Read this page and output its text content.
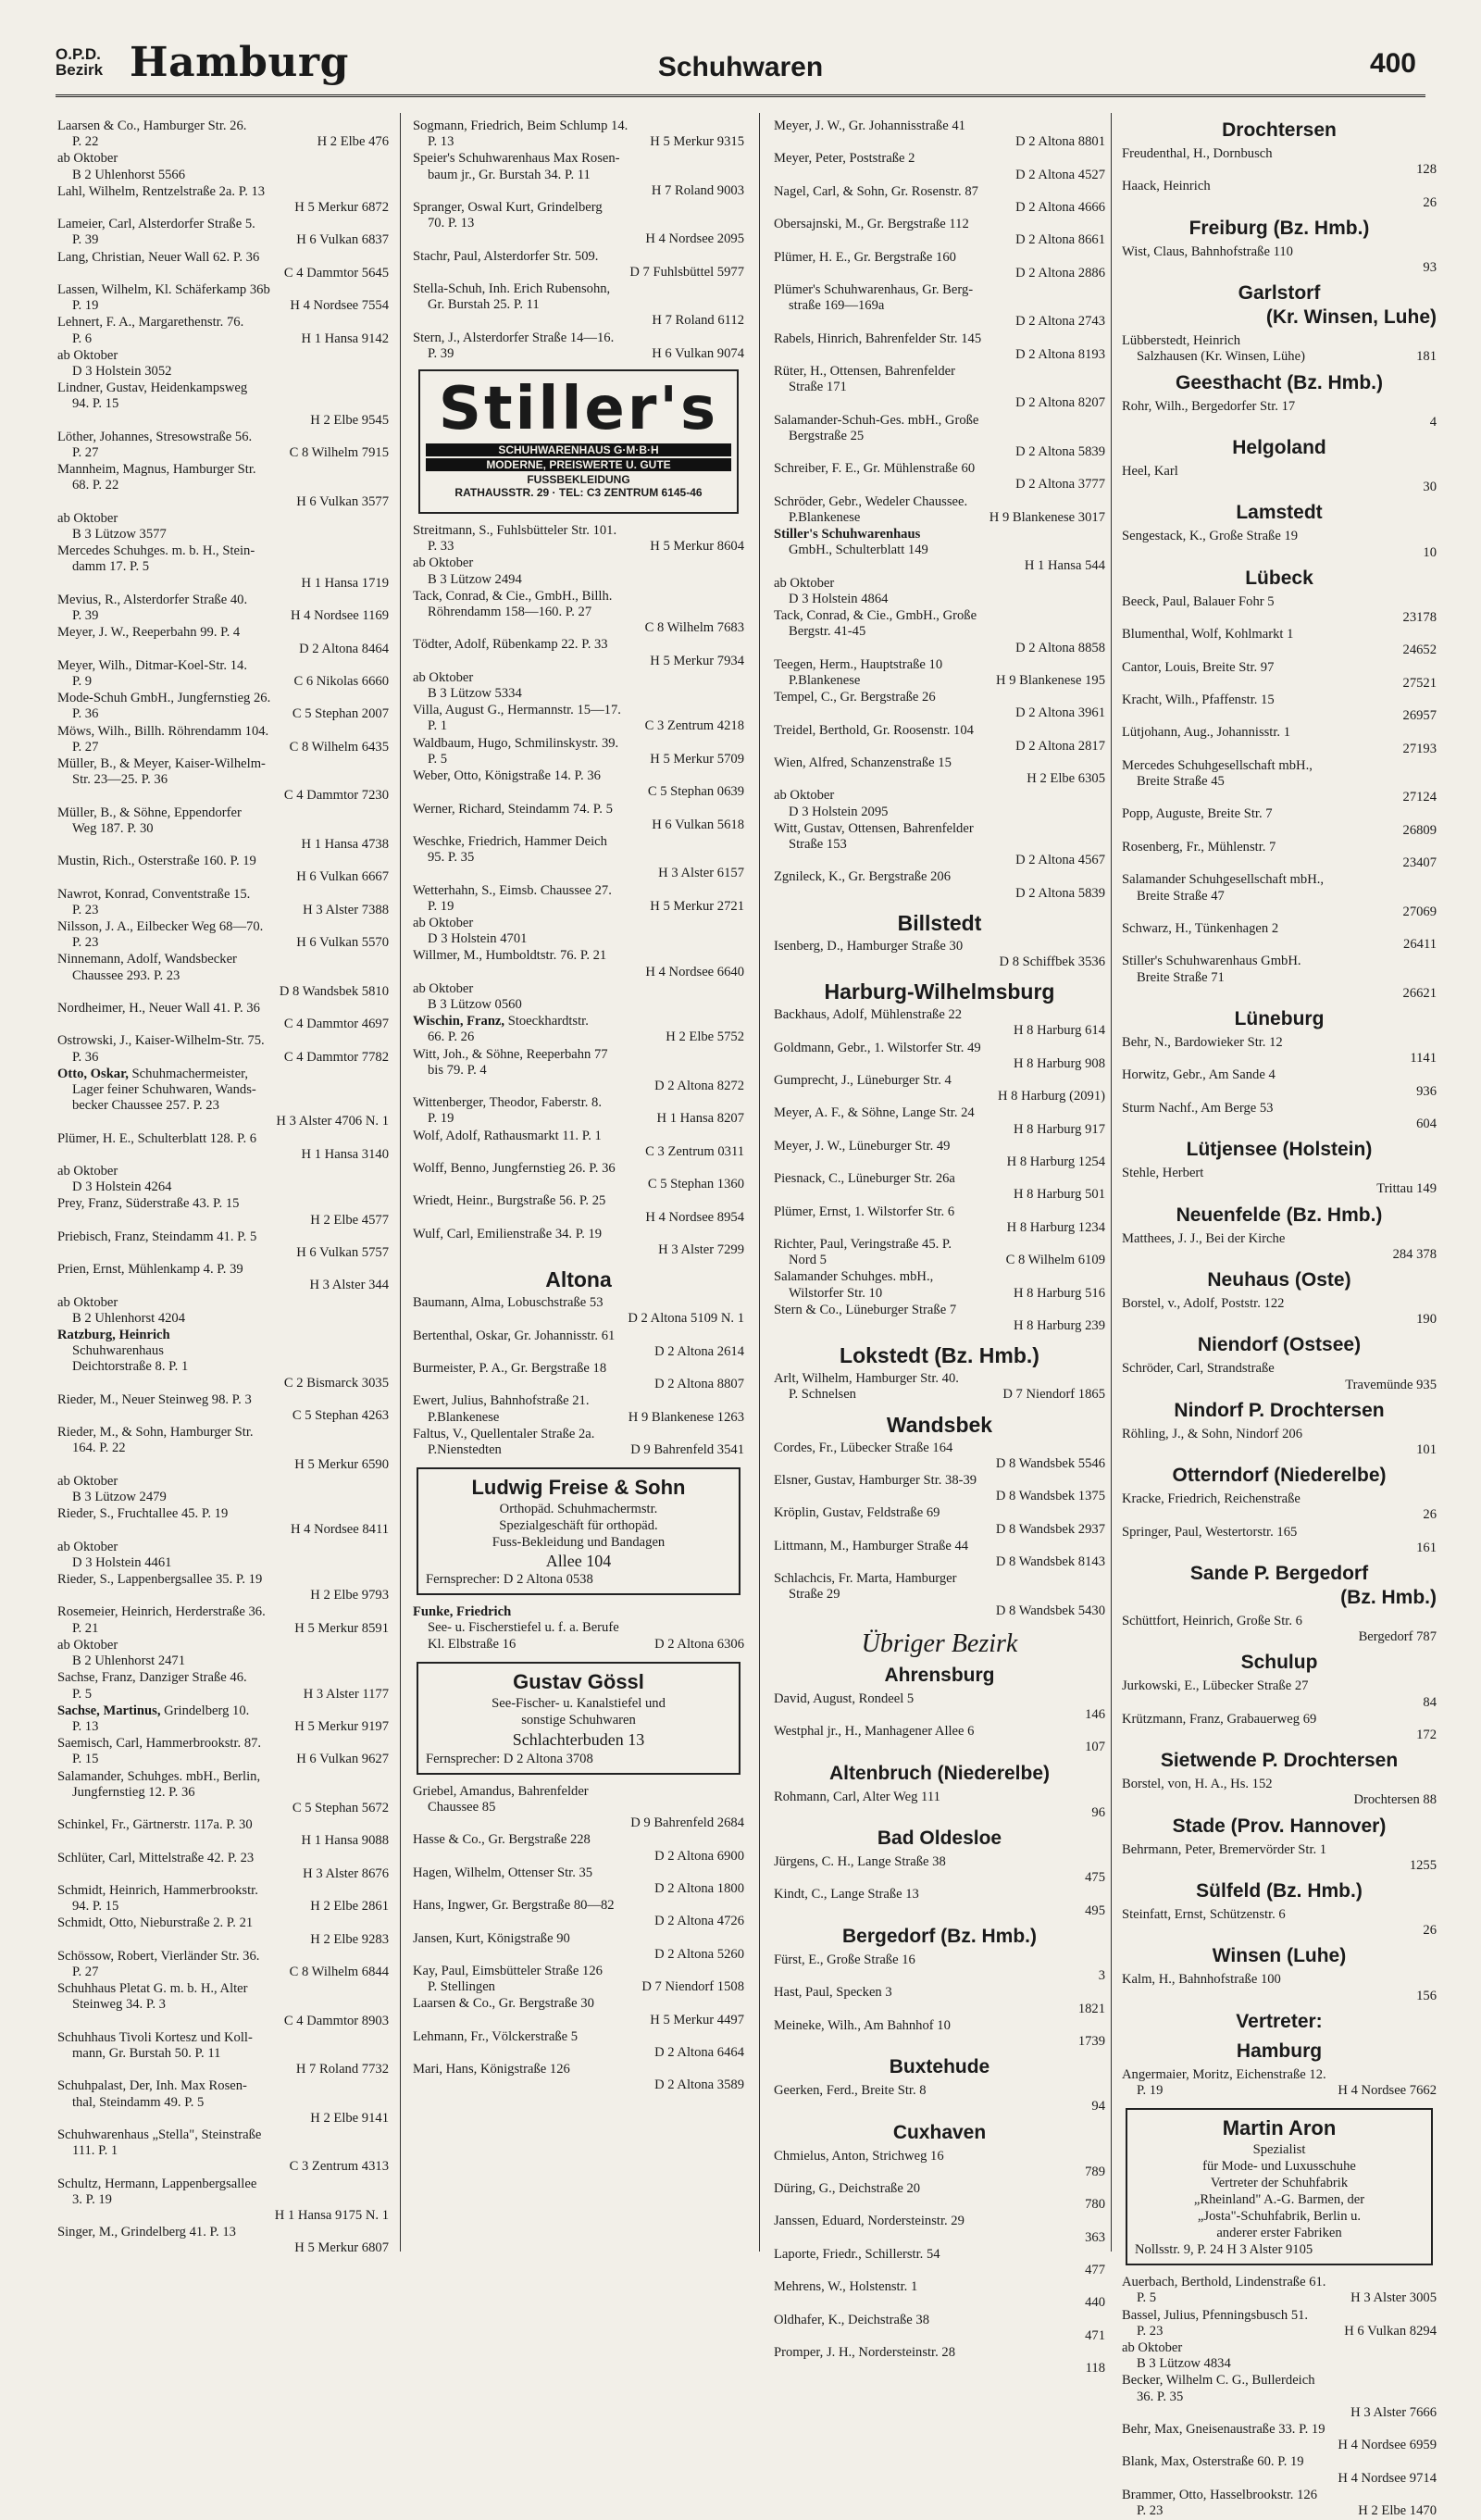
O.P.D.
Bezirk Hamburg	Schuhwaren	400
Laarsen & Co., Hamburger Str. 26.
P. 22	H 2 Elbe 476
ab Oktober
B 2 Uhlenhorst 5566
Lahl, Wilhelm, Rentzelstraße 2a. P. 13
H 5 Merkur 6872
Lameier, Carl, Alsterdorfer Straße 5.
P. 39	H 6 Vulkan 6837
Lang, Christian, Neuer Wall 62. P. 36
C 4 Dammtor 5645
Lassen, Wilhelm, Kl. Schäferkamp 36b
P. 19	H 4 Nordsee 7554
Lehnert, F. A., Margarethenstr. 76.
P. 6	H 1 Hansa 9142
ab Oktober
D 3 Holstein 3052
Lindner, Gustav, Heidenkampsweg
94. P. 15
H 2 Elbe 9545
Löther, Johannes, Stresowstraße 56.
P. 27	C 8 Wilhelm 7915
Mannheim, Magnus, Hamburger Str.
68. P. 22
H 6 Vulkan 3577
ab Oktober
B 3 Lützow 3577
Mercedes Schuhges. m. b. H., Stein-
damm 17. P. 5
H 1 Hansa 1719
Mevius, R., Alsterdorfer Straße 40.
P. 39	H 4 Nordsee 1169
Meyer, J. W., Reeperbahn 99. P. 4
D 2 Altona 8464
Meyer, Wilh., Ditmar-Koel-Str. 14.
P. 9	C 6 Nikolas 6660
Mode-Schuh GmbH., Jungfernstieg 26.
P. 36	C 5 Stephan 2007
Möws, Wilh., Billh. Röhrendamm 104.
P. 27	C 8 Wilhelm 6435
Müller, B., & Meyer, Kaiser-Wilhelm-
Str. 23—25. P. 36
C 4 Dammtor 7230
Müller, B., & Söhne, Eppendorfer
Weg 187. P. 30
H 1 Hansa 4738
Mustin, Rich., Osterstraße 160. P. 19
H 6 Vulkan 6667
Nawrot, Konrad, Conventstraße 15.
P. 23	H 3 Alster 7388
Nilsson, J. A., Eilbecker Weg 68—70.
P. 23	H 6 Vulkan 5570
Ninnemann, Adolf, Wandsbecker
Chaussee 293. P. 23
D 8 Wandsbek 5810
Nordheimer, H., Neuer Wall 41. P. 36
C 4 Dammtor 4697
Ostrowski, J., Kaiser-Wilhelm-Str. 75.
P. 36	C 4 Dammtor 7782
Otto, Oskar, Schuhmachermeister,
Lager feiner Schuhwaren, Wands-
becker Chaussee 257. P. 23
H 3 Alster 4706 N. 1
Plümer, H. E., Schulterblatt 128. P. 6
H 1 Hansa 3140
ab Oktober
D 3 Holstein 4264
Prey, Franz, Süderstraße 43. P. 15
H 2 Elbe 4577
Priebisch, Franz, Steindamm 41. P. 5
H 6 Vulkan 5757
Prien, Ernst, Mühlenkamp 4. P. 39
H 3 Alster 344
ab Oktober
B 2 Uhlenhorst 4204
Ratzburg, Heinrich
Schuhwarenhaus
Deichtorstraße 8. P. 1
C 2 Bismarck 3035
Rieder, M., Neuer Steinweg 98. P. 3
C 5 Stephan 4263
Rieder, M., & Sohn, Hamburger Str.
164. P. 22
H 5 Merkur 6590
ab Oktober
B 3 Lützow 2479
Rieder, S., Fruchtallee 45. P. 19
H 4 Nordsee 8411
ab Oktober
D 3 Holstein 4461
Rieder, S., Lappenbergsallee 35. P. 19
H 2 Elbe 9793
Rosemeier, Heinrich, Herderstraße 36.
P. 21	H 5 Merkur 8591
ab Oktober
B 2 Uhlenhorst 2471
Sachse, Franz, Danziger Straße 46.
P. 5	H 3 Alster 1177
Sachse, Martinus, Grindelberg 10.
P. 13	H 5 Merkur 9197
Saemisch, Carl, Hammerbrookstr. 87.
P. 15	H 6 Vulkan 9627
Salamander, Schuhges. mbH., Berlin,
Jungfernstieg 12. P. 36
C 5 Stephan 5672
Schinkel, Fr., Gärtnerstr. 117a. P. 30
H 1 Hansa 9088
Schlüter, Carl, Mittelstraße 42. P. 23
H 3 Alster 8676
Schmidt, Heinrich, Hammerbrookstr.
94. P. 15	H 2 Elbe 2861
Schmidt, Otto, Nieburstraße 2. P. 21
H 2 Elbe 9283
Schössow, Robert, Vierländer Str. 36.
P. 27	C 8 Wilhelm 6844
Schuhhaus Pletat G. m. b. H., Alter
Steinweg 34. P. 3
C 4 Dammtor 8903
Schuhhaus Tivoli Kortesz und Koll-
mann, Gr. Burstah 50. P. 11
H 7 Roland 7732
Schuhpalast, Der, Inh. Max Rosen-
thal, Steindamm 49. P. 5
H 2 Elbe 9141
Schuhwarenhaus „Stella", Steinstraße
111. P. 1
C 3 Zentrum 4313
Schultz, Hermann, Lappenbergsallee
3. P. 19
H 1 Hansa 9175 N. 1
Singer, M., Grindelberg 41. P. 13
H 5 Merkur 6807
Sogmann, Friedrich, Beim Schlump 14.
P. 13	H 5 Merkur 9315
Speier's Schuhwarenhaus Max Rosen-
baum jr., Gr. Burstah 34. P. 11
H 7 Roland 9003
Spranger, Oswal Kurt, Grindelberg
70. P. 13
H 4 Nordsee 2095
Stachr, Paul, Alsterdorfer Str. 509.
D 7 Fuhlsbüttel 5977
Stella-Schuh, Inh. Erich Rubensohn,
Gr. Burstah 25. P. 11
H 7 Roland 6112
Stern, J., Alsterdorfer Straße 14—16.
P. 39	H 6 Vulkan 9074
Stiller's
SCHUHWARENHAUS G·M·B·H
MODERNE, PREISWERTE U. GUTE
FUSSBEKLEIDUNG
RATHAUSSTR. 29 · TEL: C3 ZENTRUM 6145-46
Streitmann, S., Fuhlsbütteler Str. 101.
P. 33	H 5 Merkur 8604
ab Oktober
B 3 Lützow 2494
Tack, Conrad, & Cie., GmbH., Billh.
Röhrendamm 158—160. P. 27
C 8 Wilhelm 7683
Tödter, Adolf, Rübenkamp 22. P. 33
H 5 Merkur 7934
ab Oktober
B 3 Lützow 5334
Villa, August G., Hermannstr. 15—17.
P. 1	C 3 Zentrum 4218
Waldbaum, Hugo, Schmilinskystr. 39.
P. 5	H 5 Merkur 5709
Weber, Otto, Königstraße 14. P. 36
C 5 Stephan 0639
Werner, Richard, Steindamm 74. P. 5
H 6 Vulkan 5618
Weschke, Friedrich, Hammer Deich
95. P. 35
H 3 Alster 6157
Wetterhahn, S., Eimsb. Chaussee 27.
P. 19	H 5 Merkur 2721
ab Oktober
D 3 Holstein 4701
Willmer, M., Humboldtstr. 76. P. 21
H 4 Nordsee 6640
ab Oktober
B 3 Lützow 0560
Wischin, Franz, Stoeckhardtstr.
66. P. 26	H 2 Elbe 5752
Witt, Joh., & Söhne, Reeperbahn 77
bis 79. P. 4
D 2 Altona 8272
Wittenberger, Theodor, Faberstr. 8.
P. 19	H 1 Hansa 8207
Wolf, Adolf, Rathausmarkt 11. P. 1
C 3 Zentrum 0311
Wolff, Benno, Jungfernstieg 26. P. 36
C 5 Stephan 1360
Wriedt, Heinr., Burgstraße 56. P. 25
H 4 Nordsee 8954
Wulf, Carl, Emilienstraße 34. P. 19
H 3 Alster 7299
Altona
Baumann, Alma, Lobuschstraße 53
D 2 Altona 5109 N. 1
Bertenthal, Oskar, Gr. Johannisstr. 61
D 2 Altona 2614
Burmeister, P. A., Gr. Bergstraße 18
D 2 Altona 8807
Ewert, Julius, Bahnhofstraße 21.
P.Blankenese	H 9 Blankenese 1263
Faltus, V., Quellentaler Straße 2a.
P.Nienstedten	D 9 Bahrenfeld 3541
Ludwig Freise & Sohn
Orthopäd. Schuhmachermstr.
Spezialgeschäft für orthopäd.
Fuss-Bekleidung und Bandagen
Allee 104
Fernsprecher: D 2 Altona 0538
Funke, Friedrich
See- u. Fischerstiefel u. f. a. Berufe
Kl. Elbstraße 16	D 2 Altona 6306
Gustav Gössl
See-Fischer- u. Kanalstiefel und
sonstige Schuhwaren
Schlachterbuden 13
Fernsprecher: D 2 Altona 3708
Griebel, Amandus, Bahrenfelder
Chaussee 85
D 9 Bahrenfeld 2684
Hasse & Co., Gr. Bergstraße 228
D 2 Altona 6900
Hagen, Wilhelm, Ottenser Str. 35
D 2 Altona 1800
Hans, Ingwer, Gr. Bergstraße 80—82
D 2 Altona 4726
Jansen, Kurt, Königstraße 90
D 2 Altona 5260
Kay, Paul, Eimsbütteler Straße 126
P. Stellingen	D 7 Niendorf 1508
Laarsen & Co., Gr. Bergstraße 30
H 5 Merkur 4497
Lehmann, Fr., Völckerstraße 5
D 2 Altona 6464
Mari, Hans, Königstraße 126
D 2 Altona 3589
Meyer, J. W., Gr. Johannisstraße 41
D 2 Altona 8801
Meyer, Peter, Poststraße 2
D 2 Altona 4527
Nagel, Carl, & Sohn, Gr. Rosenstr. 87
D 2 Altona 4666
Obersajnski, M., Gr. Bergstraße 112
D 2 Altona 8661
Plümer, H. E., Gr. Bergstraße 160
D 2 Altona 2886
Plümer's Schuhwarenhaus, Gr. Berg-
straße 169—169a
D 2 Altona 2743
Rabels, Hinrich, Bahrenfelder Str. 145
D 2 Altona 8193
Rüter, H., Ottensen, Bahrenfelder
Straße 171
D 2 Altona 8207
Salamander-Schuh-Ges. mbH., Große
Bergstraße 25
D 2 Altona 5839
Schreiber, F. E., Gr. Mühlenstraße 60
D 2 Altona 3777
Schröder, Gebr., Wedeler Chaussee.
P.Blankenese	H 9 Blankenese 3017
Stiller's Schuhwarenhaus
GmbH., Schulterblatt 149
H 1 Hansa 544
ab Oktober
D 3 Holstein 4864
Tack, Conrad, & Cie., GmbH., Große
Bergstr. 41-45
D 2 Altona 8858
Teegen, Herm., Hauptstraße 10
P.Blankenese	H 9 Blankenese 195
Tempel, C., Gr. Bergstraße 26
D 2 Altona 3961
Treidel, Berthold, Gr. Roosenstr. 104
D 2 Altona 2817
Wien, Alfred, Schanzenstraße 15
H 2 Elbe 6305
ab Oktober
D 3 Holstein 2095
Witt, Gustav, Ottensen, Bahrenfelder
Straße 153
D 2 Altona 4567
Zgnileck, K., Gr. Bergstraße 206
D 2 Altona 5839
Billstedt
Isenberg, D., Hamburger Straße 30
D 8 Schiffbek 3536
Harburg-Wilhelmsburg
Backhaus, Adolf, Mühlenstraße 22
H 8 Harburg 614
Goldmann, Gebr., 1. Wilstorfer Str. 49
H 8 Harburg 908
Gumprecht, J., Lüneburger Str. 4
H 8 Harburg (2091)
Meyer, A. F., & Söhne, Lange Str. 24
H 8 Harburg 917
Meyer, J. W., Lüneburger Str. 49
H 8 Harburg 1254
Piesnack, C., Lüneburger Str. 26a
H 8 Harburg 501
Plümer, Ernst, 1. Wilstorfer Str. 6
H 8 Harburg 1234
Richter, Paul, Veringstraße 45. P.
Nord 5	C 8 Wilhelm 6109
Salamander Schuhges. mbH.,
Wilstorfer Str. 10	H 8 Harburg 516
Stern & Co., Lüneburger Straße 7
H 8 Harburg 239
Lokstedt (Bz. Hmb.)
Arlt, Wilhelm, Hamburger Str. 40.
P. Schnelsen	D 7 Niendorf 1865
Wandsbek
Cordes, Fr., Lübecker Straße 164
D 8 Wandsbek 5546
Elsner, Gustav, Hamburger Str. 38-39
D 8 Wandsbek 1375
Kröplin, Gustav, Feldstraße 69
D 8 Wandsbek 2937
Littmann, M., Hamburger Straße 44
D 8 Wandsbek 8143
Schlachcis, Fr. Marta, Hamburger
Straße 29
D 8 Wandsbek 5430
Übriger Bezirk
Ahrensburg
David, August, Rondeel 5
146
Westphal jr., H., Manhagener Allee 6
107
Altenbruch (Niederelbe)
Rohmann, Carl, Alter Weg 111
96
Bad Oldesloe
Jürgens, C. H., Lange Straße 38
475
Kindt, C., Lange Straße 13
495
Bergedorf (Bz. Hmb.)
Fürst, E., Große Straße 16
3
Hast, Paul, Specken 3
1821
Meineke, Wilh., Am Bahnhof 10
1739
Buxtehude
Geerken, Ferd., Breite Str. 8
94
Cuxhaven
Chmielus, Anton, Strichweg 16
789
Düring, G., Deichstraße 20
780
Janssen, Eduard, Nordersteinstr. 29
363
Laporte, Friedr., Schillerstr. 54
477
Mehrens, W., Holstenstr. 1
440
Oldhafer, K., Deichstraße 38
471
Promper, J. H., Nordersteinstr. 28
118
Drochtersen
Freudenthal, H., Dornbusch
128
Haack, Heinrich
26
Freiburg (Bz. Hmb.)
Wist, Claus, Bahnhofstraße 110
93
Garlstorf
(Kr. Winsen, Luhe)
Lübberstedt, Heinrich
Salzhausen (Kr. Winsen, Lühe)	181
Geesthacht (Bz. Hmb.)
Rohr, Wilh., Bergedorfer Str. 17
4
Helgoland
Heel, Karl
30
Lamstedt
Sengestack, K., Große Straße 19
10
Lübeck
Beeck, Paul, Balauer Fohr 5
23178
Blumenthal, Wolf, Kohlmarkt 1
24652
Cantor, Louis, Breite Str. 97
27521
Kracht, Wilh., Pfaffenstr. 15
26957
Lütjohann, Aug., Johannisstr. 1
27193
Mercedes Schuhgesellschaft mbH.,
Breite Straße 45
27124
Popp, Auguste, Breite Str. 7
26809
Rosenberg, Fr., Mühlenstr. 7
23407
Salamander Schuhgesellschaft mbH.,
Breite Straße 47
27069
Schwarz, H., Tünkenhagen 2
26411
Stiller's Schuhwarenhaus GmbH.
Breite Straße 71
26621
Lüneburg
Behr, N., Bardowieker Str. 12
1141
Horwitz, Gebr., Am Sande 4
936
Sturm Nachf., Am Berge 53
604
Lütjensee (Holstein)
Stehle, Herbert
Trittau 149
Neuenfelde (Bz. Hmb.)
Matthees, J. J., Bei der Kirche
284 378
Neuhaus (Oste)
Borstel, v., Adolf, Poststr. 122
190
Niendorf (Ostsee)
Schröder, Carl, Strandstraße
Travemünde 935
Nindorf P. Drochtersen
Röhling, J., & Sohn, Nindorf 206
101
Otterndorf (Niederelbe)
Kracke, Friedrich, Reichenstraße
26
Springer, Paul, Westertorstr. 165
161
Sande P. Bergedorf
(Bz. Hmb.)
Schüttfort, Heinrich, Große Str. 6
Bergedorf 787
Schulup
Jurkowski, E., Lübecker Straße 27
84
Krützmann, Franz, Grabauerweg 69
172
Sietwende P. Drochtersen
Borstel, von, H. A., Hs. 152
Drochtersen 88
Stade (Prov. Hannover)
Behrmann, Peter, Bremervörder Str. 1
1255
Sülfeld (Bz. Hmb.)
Steinfatt, Ernst, Schützenstr. 6
26
Winsen (Luhe)
Kalm, H., Bahnhofstraße 100
156
Vertreter:
Hamburg
Angermaier, Moritz, Eichenstraße 12.
P. 19	H 4 Nordsee 7662
Martin Aron
Spezialist
für Mode- und Luxusschuhe
Vertreter der Schuhfabrik
„Rheinland" A.-G. Barmen, der
„Josta"-Schuhfabrik, Berlin u.
anderer erster Fabriken
Nollsstr. 9, P. 24 H 3 Alster 9105
Auerbach, Berthold, Lindenstraße 61.
P. 5	H 3 Alster 3005
Bassel, Julius, Pfenningsbusch 51.
P. 23	H 6 Vulkan 8294
ab Oktober
B 3 Lützow 4834
Becker, Wilhelm C. G., Bullerdeich
36. P. 35
H 3 Alster 7666
Behr, Max, Gneisenaustraße 33. P. 19
H 4 Nordsee 6959
Blank, Max, Osterstraße 60. P. 19
H 4 Nordsee 9714
Brammer, Otto, Hasselbrookstr. 126
P. 23	H 2 Elbe 1470
